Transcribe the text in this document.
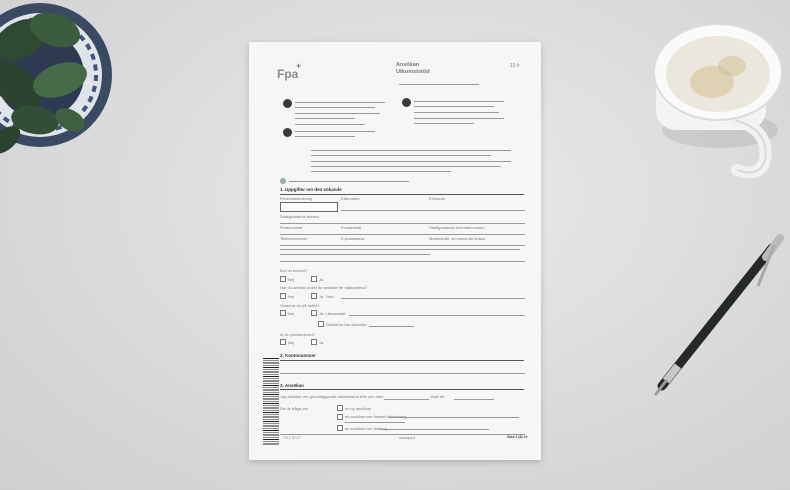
Fpa
✚	Ansökan
Utkomststöd
10 lr
1. Uppgifter om den sökande
Personbeteckning	Efternamn	Förnamn
Stadigvarande adress
Postnummer	Postanstalt	Stadigvarande boendekommun
Telefonnummer	E-postadress	Modersmål, om annat än finska
Bor du ensam?
Nej	Ja
Har du arbetat under de senaste tre månaderna?
Nej	Ja. Yrke:
Studerar du på heltid?
Nej	Ja. Läroanstalt:
Studierna har avbrutits:
Är du pensionerad?
Nej	Ja
2. Kontonummer
3. Ansökan
Jag ansöker om grundläggande utkomststöd från och med	fram till
Det är fråga om	en ny ansökan
en ansökan om fortsatt utbetalning
en ansökan om ändring
TO 1 07.17	www.fpa.fi	Sida 1 (8) ##
